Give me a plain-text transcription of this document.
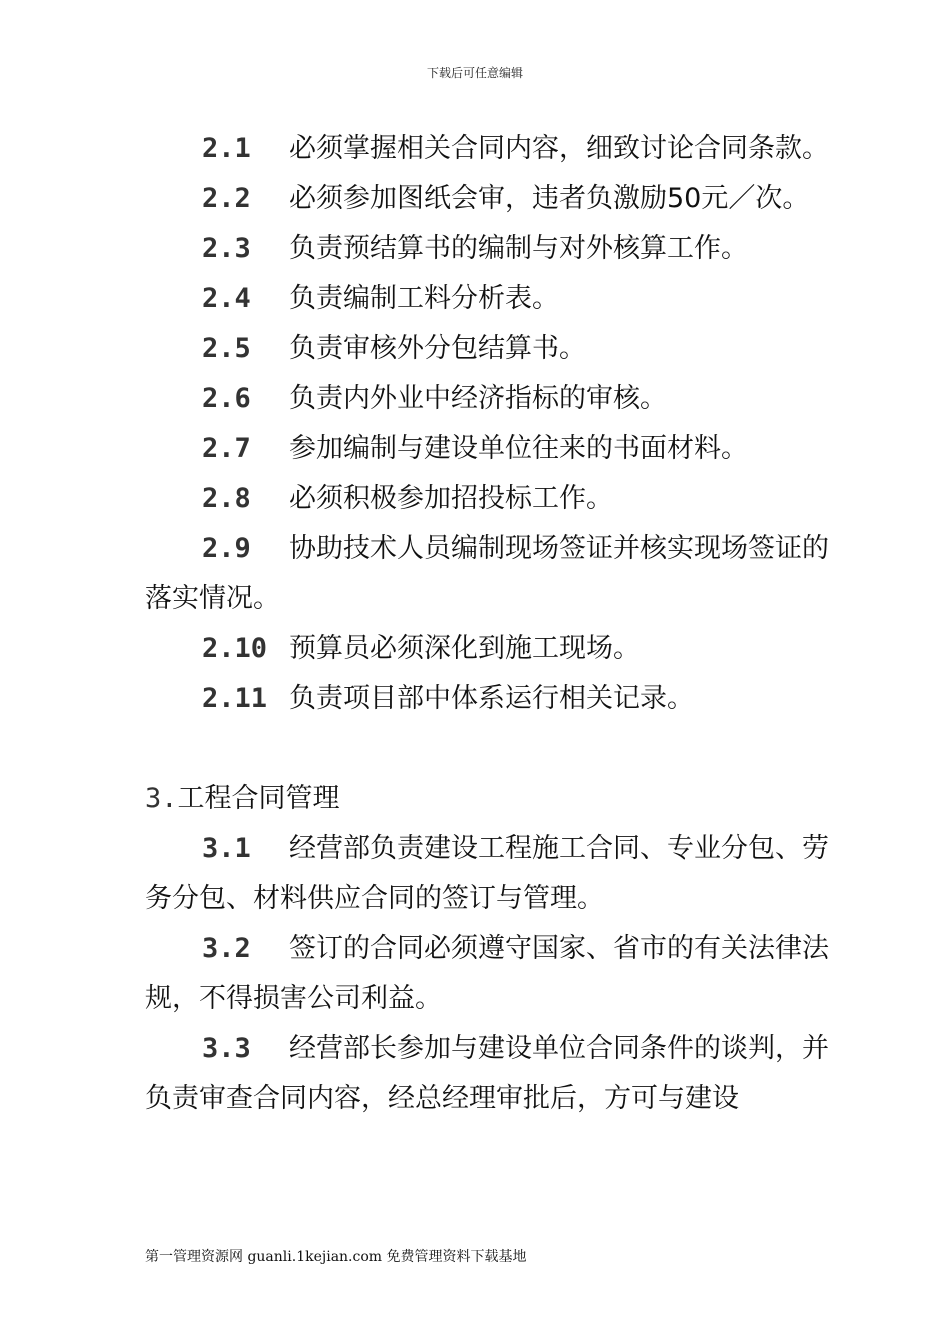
下载后可任意编辑

2.1 必须掌握相关合同内容，细致讨论合同条款。

2.2 必须参加图纸会审，违者负激励50元／次。

2.3 负责预结算书的编制与对外核算工作。

2.4 负责编制工料分析表。

2.5 负责审核外分包结算书。

2.6 负责内外业中经济指标的审核。

2.7 参加编制与建设单位往来的书面材料。

2.8 必须积极参加招投标工作。

2.9 协助技术人员编制现场签证并核实现场签证的落实情况。

2.10 预算员必须深化到施工现场。

2.11 负责项目部中体系运行相关记录。

3.工程合同管理

3.1 经营部负责建设工程施工合同、专业分包、劳务分包、材料供应合同的签订与管理。

3.2 签订的合同必须遵守国家、省市的有关法律法规，不得损害公司利益。

3.3 经营部长参加与建设单位合同条件的谈判，并负责审查合同内容，经总经理审批后，方可与建设

第一管理资源网 guanli.1kejian.com 免费管理资料下载基地
